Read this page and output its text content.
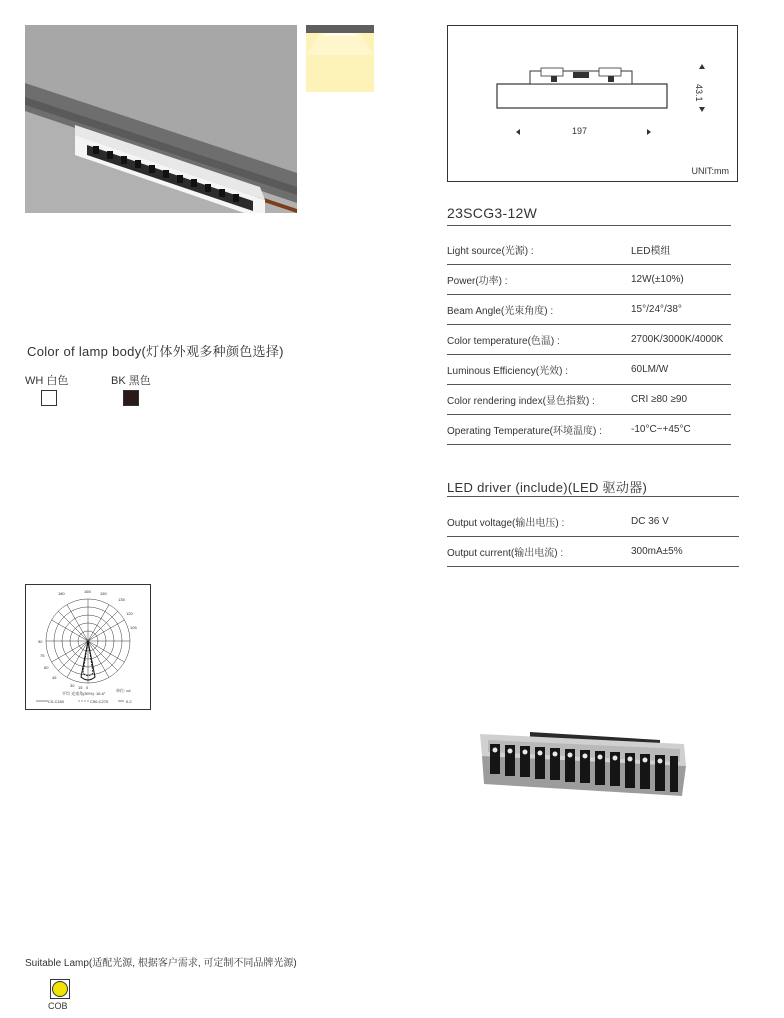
197
43.1
UNIT:mm
23SCG3-12W
Light source(光源) :	LED模组
Power(功率) :	12W(±10%)
Beam Angle(光束角度) :	15°/24°/38°
Color temperature(色温) :	2700K/3000K/4000K
Luminous Efficiency(光效) :	60LM/W
Color rendering index(显色指数) :	CRI ≥80 ≥90
Operating Temperature(环境温度) :	-10°C~+45°C
LED driver (include)(LED 驱动器)
Output voltage(输出电压) :	DC 36 V
Output current(输出电流) :	300mA±5%
Color of lamp body(灯体外观多种颜色选择)
WH 白色	BK 黑色
180	165 150
135
120
105
90
75
60
45
30 15 0
单位: cd
平均 光束角(50%): 16.6°
C0-C180	C90-C270	0.2
Suitable Lamp(适配光源, 根据客户需求, 可定制不同品牌光源)
COB
